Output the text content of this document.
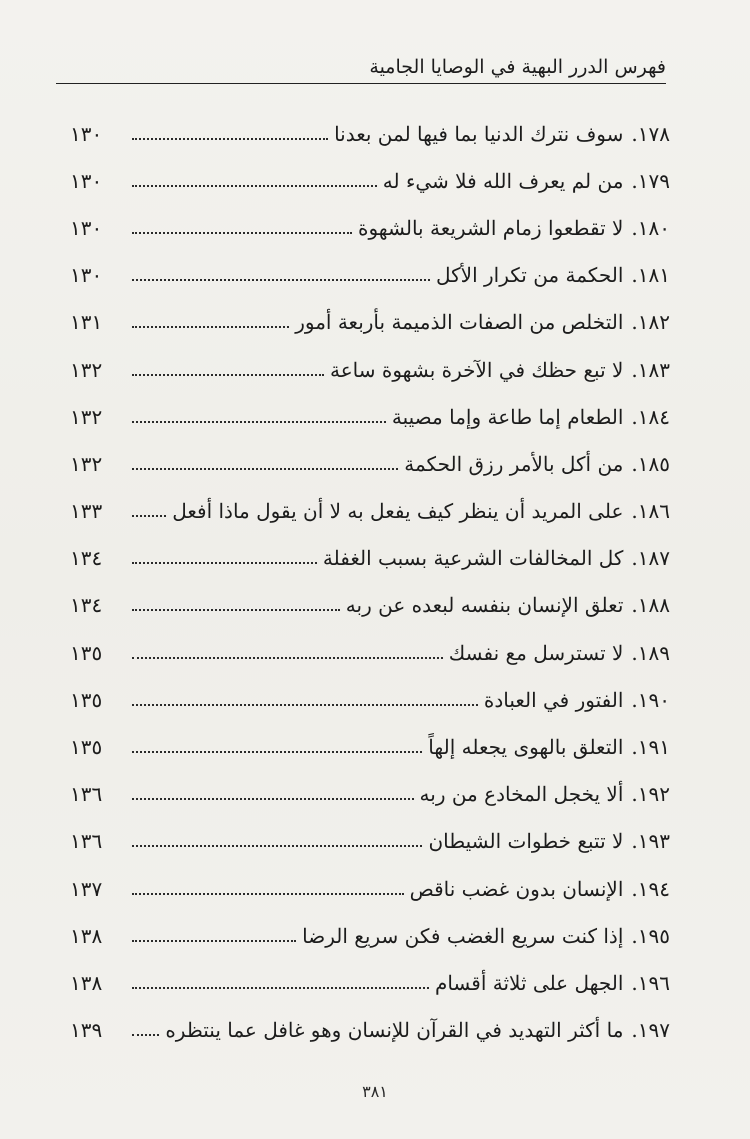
فهرس الدرر البهية في الوصايا الجامية
١٧٨.
سوف نترك الدنيا بما فيها لمن بعدنا
١٣٠
١٧٩.
من لم يعرف الله فلا شيء له
١٣٠
١٨٠.
لا تقطعوا زمام الشريعة بالشهوة
١٣٠
١٨١.
الحكمة من تكرار الأكل
١٣٠
١٨٢.
التخلص من الصفات الذميمة بأربعة أمور
١٣١
١٨٣.
لا تبع حظك في الآخرة بشهوة ساعة
١٣٢
١٨٤.
الطعام إما طاعة وإما مصيبة
١٣٢
١٨٥.
من أكل بالأمر رزق الحكمة
١٣٢
١٨٦.
على المريد أن ينظر كيف يفعل به لا أن يقول ماذا أفعل
١٣٣
١٨٧.
كل المخالفات الشرعية بسبب الغفلة
١٣٤
١٨٨.
تعلق الإنسان بنفسه لبعده عن ربه
١٣٤
١٨٩.
لا تسترسل مع نفسك
١٣٥
١٩٠.
الفتور في العبادة
١٣٥
١٩١.
التعلق بالهوى يجعله إلهاً
١٣٥
١٩٢.
ألا يخجل المخادع من ربه
١٣٦
١٩٣.
لا تتبع خطوات الشيطان
١٣٦
١٩٤.
الإنسان بدون غضب ناقص
١٣٧
١٩٥.
إذا كنت سريع الغضب فكن سريع الرضا
١٣٨
١٩٦.
الجهل على ثلاثة أقسام
١٣٨
١٩٧.
ما أكثر التهديد في القرآن للإنسان وهو غافل عما ينتظره
١٣٩
٣٨١
